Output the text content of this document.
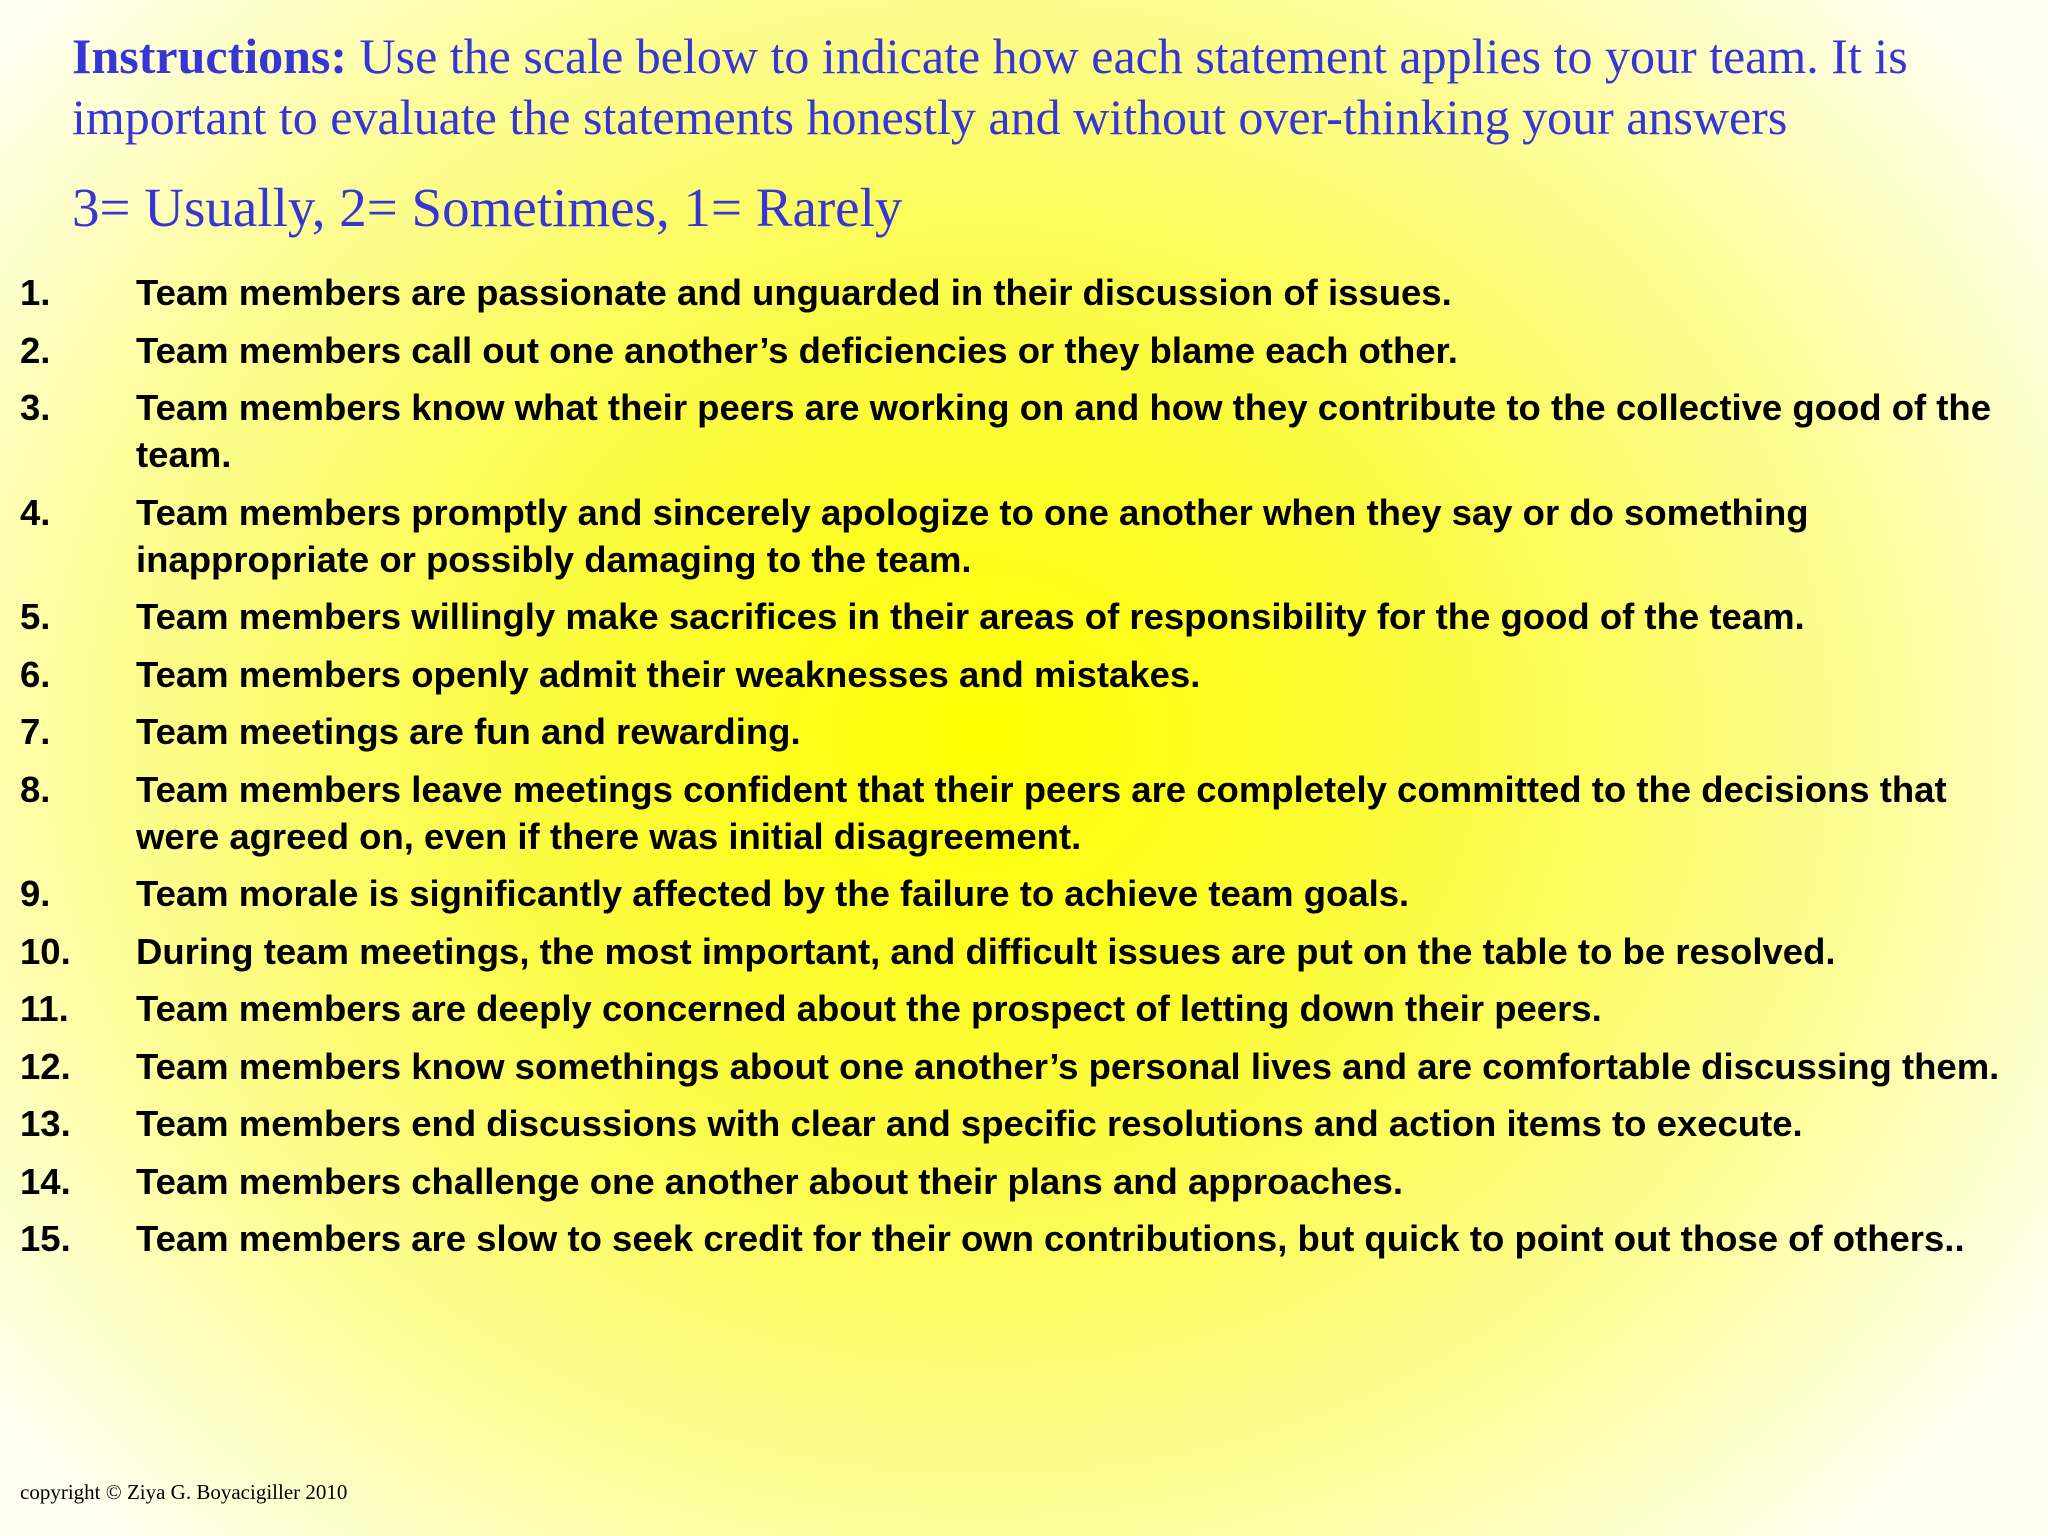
Instructions: Use the scale below to indicate how each statement applies to your team. It is important to evaluate the statements honestly and without over-thinking your answers

3= Usually, 2= Sometimes, 1= Rarely

1. Team members are passionate and unguarded in their discussion of issues.
2. Team members call out one another’s deficiencies or they blame each other.
3. Team members know what their peers are working on and how they contribute to the collective good of the team.
4. Team members promptly and sincerely apologize to one another when they say or do something inappropriate or possibly damaging to the team.
5. Team members willingly make sacrifices in their areas of responsibility for the good of the team.
6. Team members openly admit their weaknesses and mistakes.
7. Team meetings are fun and rewarding.
8. Team members leave meetings confident that their peers are completely committed to the decisions that were agreed on, even if there was initial disagreement.
9. Team morale is significantly affected by the failure to achieve team goals.
10. During team meetings, the most important, and difficult issues are put on the table to be resolved.
11. Team members are deeply concerned about the prospect of letting down their peers.
12. Team members know somethings about one another’s personal lives and are comfortable discussing them.
13. Team members end discussions with clear and specific resolutions and action items to execute.
14. Team members challenge one another about their plans and approaches.
15. Team members are slow to seek credit for their own contributions, but quick to point out those of others..
copyright © Ziya G. Boyacigiller 2010
